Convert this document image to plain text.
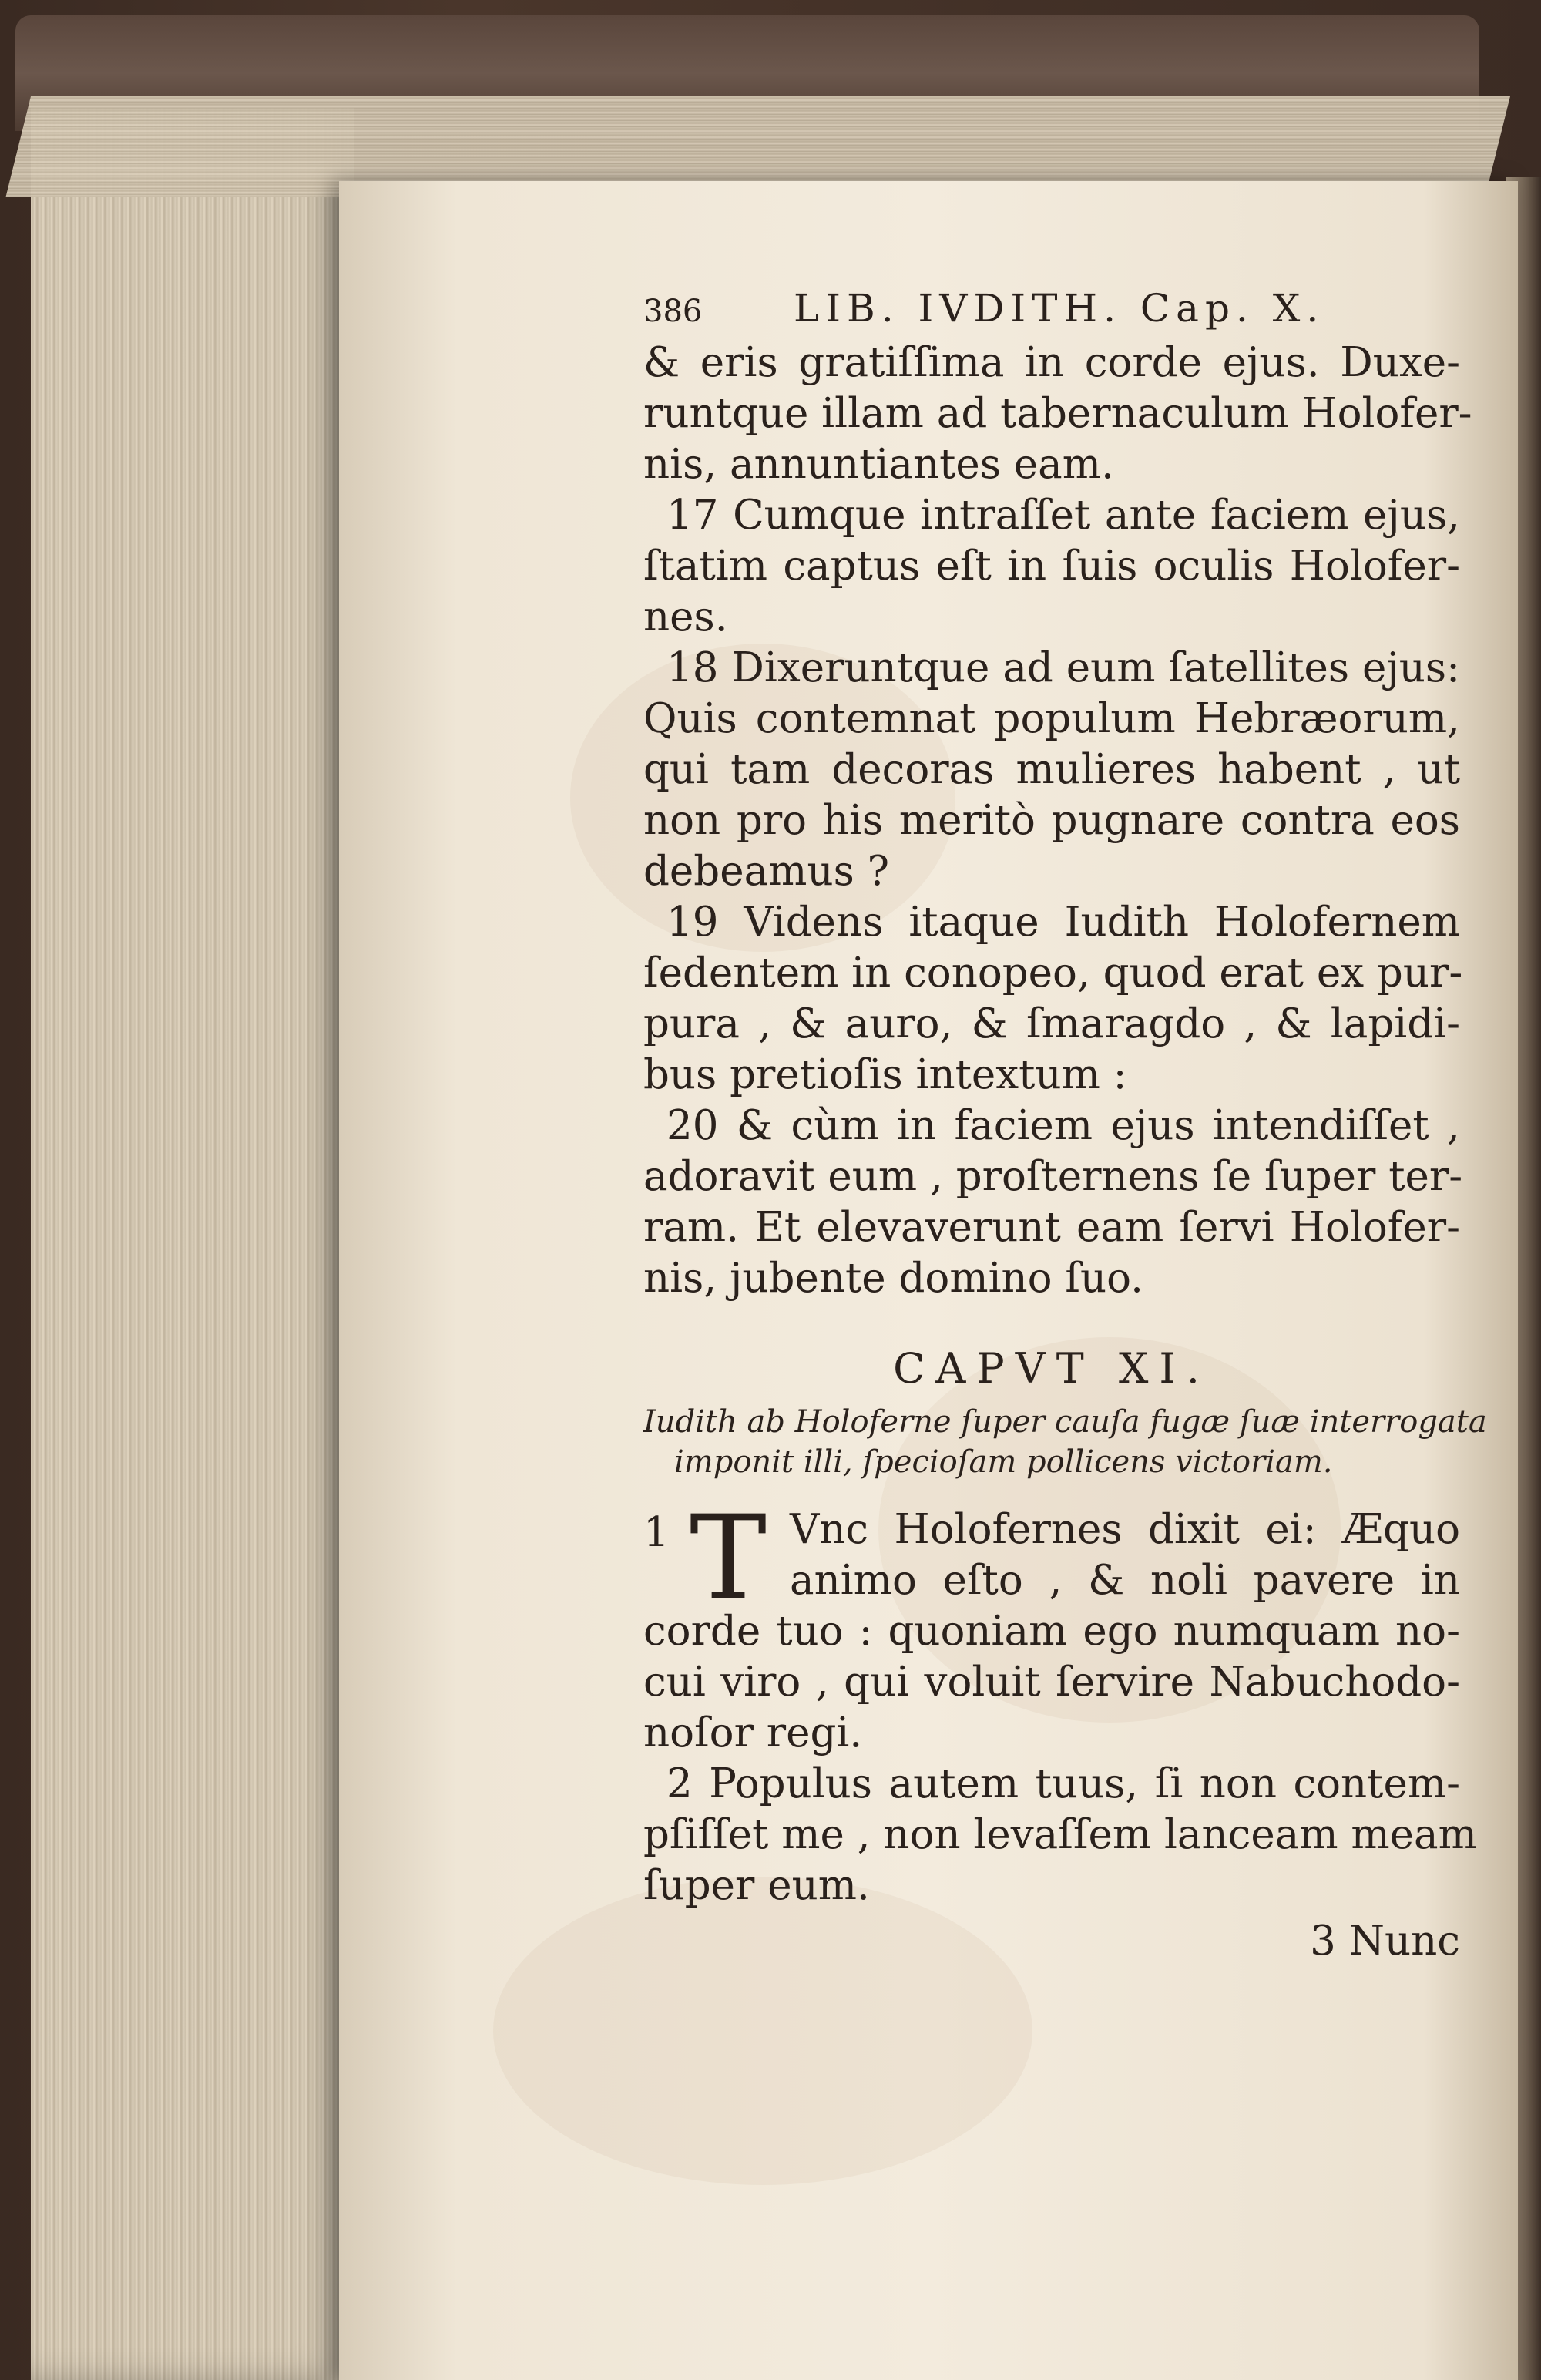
386 LIB. IVDITH. Cap. X.
& eris gratiſſima in corde ejus. Duxe-
runtque illam ad tabernaculum Holofer-
nis, annuntiantes eam.
17 Cumque intraſſet ante faciem ejus,
ſtatim captus eſt in ſuis oculis Holofer-
nes.
18 Dixeruntque ad eum ſatellites ejus:
Quis contemnat populum Hebræorum,
qui tam decoras mulieres habent , ut
non pro his meritò pugnare contra eos
debeamus ?
19 Videns itaque Iudith Holofernem
ſedentem in conopeo, quod erat ex pur-
pura , & auro, & ſmaragdo , & lapidi-
bus pretioſis intextum :
20 & cùm in faciem ejus intendiſſet ,
adoravit eum , proſternens ſe ſuper ter-
ram. Et elevaverunt eam ſervi Holofer-
nis, jubente domino ſuo.
CAPVT XI.
Iudith ab Holoferne ſuper cauſa fugæ ſuæ interrogata
imponit illi, ſpecioſam pollicens victoriam.
1 T Vnc Holofernes dixit ei: Æquo
animo eſto , & noli pavere in
corde tuo : quoniam ego numquam no-
cui viro , qui voluit ſervire Nabuchodo-
noſor regi.
2 Populus autem tuus, ſi non contem-
pſiſſet me , non levaſſem lanceam meam
ſuper eum.
3 Nunc
